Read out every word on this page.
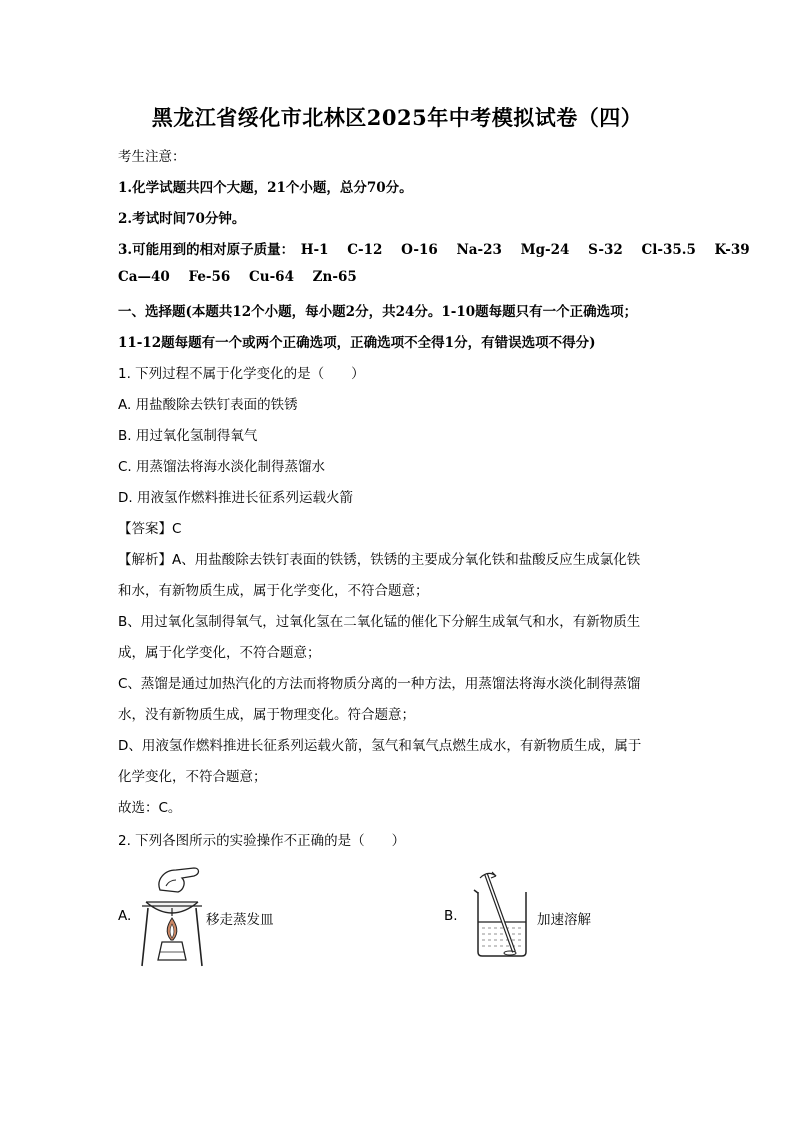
黑龙江省绥化市北林区2025年中考模拟试卷（四）
考生注意：
1.化学试题共四个大题，21个小题，总分70分。
2.考试时间70分钟。
3.可能用到的相对原子质量： H-1 C-12 O-16 Na-23 Mg-24 S-32 Cl-35.5 K-39
Ca—40 Fe-56 Cu-64 Zn-65
一、选择题(本题共12个小题，每小题2分，共24分。1-10题每题只有一个正确选项；
11-12题每题有一个或两个正确选项，正确选项不全得1分，有错误选项不得分)
1. 下列过程不属于化学变化的是（　　）
A. 用盐酸除去铁钉表面的铁锈
B. 用过氧化氢制得氧气
C. 用蒸馏法将海水淡化制得蒸馏水
D. 用液氢作燃料推进长征系列运载火箭
【答案】C
【解析】A、用盐酸除去铁钉表面的铁锈，铁锈的主要成分氧化铁和盐酸反应生成氯化铁
和水，有新物质生成，属于化学变化，不符合题意；
B、用过氧化氢制得氧气，过氧化氢在二氧化锰的催化下分解生成氧气和水，有新物质生
成，属于化学变化，不符合题意；
C、蒸馏是通过加热汽化的方法而将物质分离的一种方法，用蒸馏法将海水淡化制得蒸馏
水，没有新物质生成，属于物理变化。符合题意；
D、用液氢作燃料推进长征系列运载火箭，氢气和氧气点燃生成水，有新物质生成，属于
化学变化，不符合题意；
故选：C。
2. 下列各图所示的实验操作不正确的是（　　）
A.	移走蒸发皿	B.	加速溶解
